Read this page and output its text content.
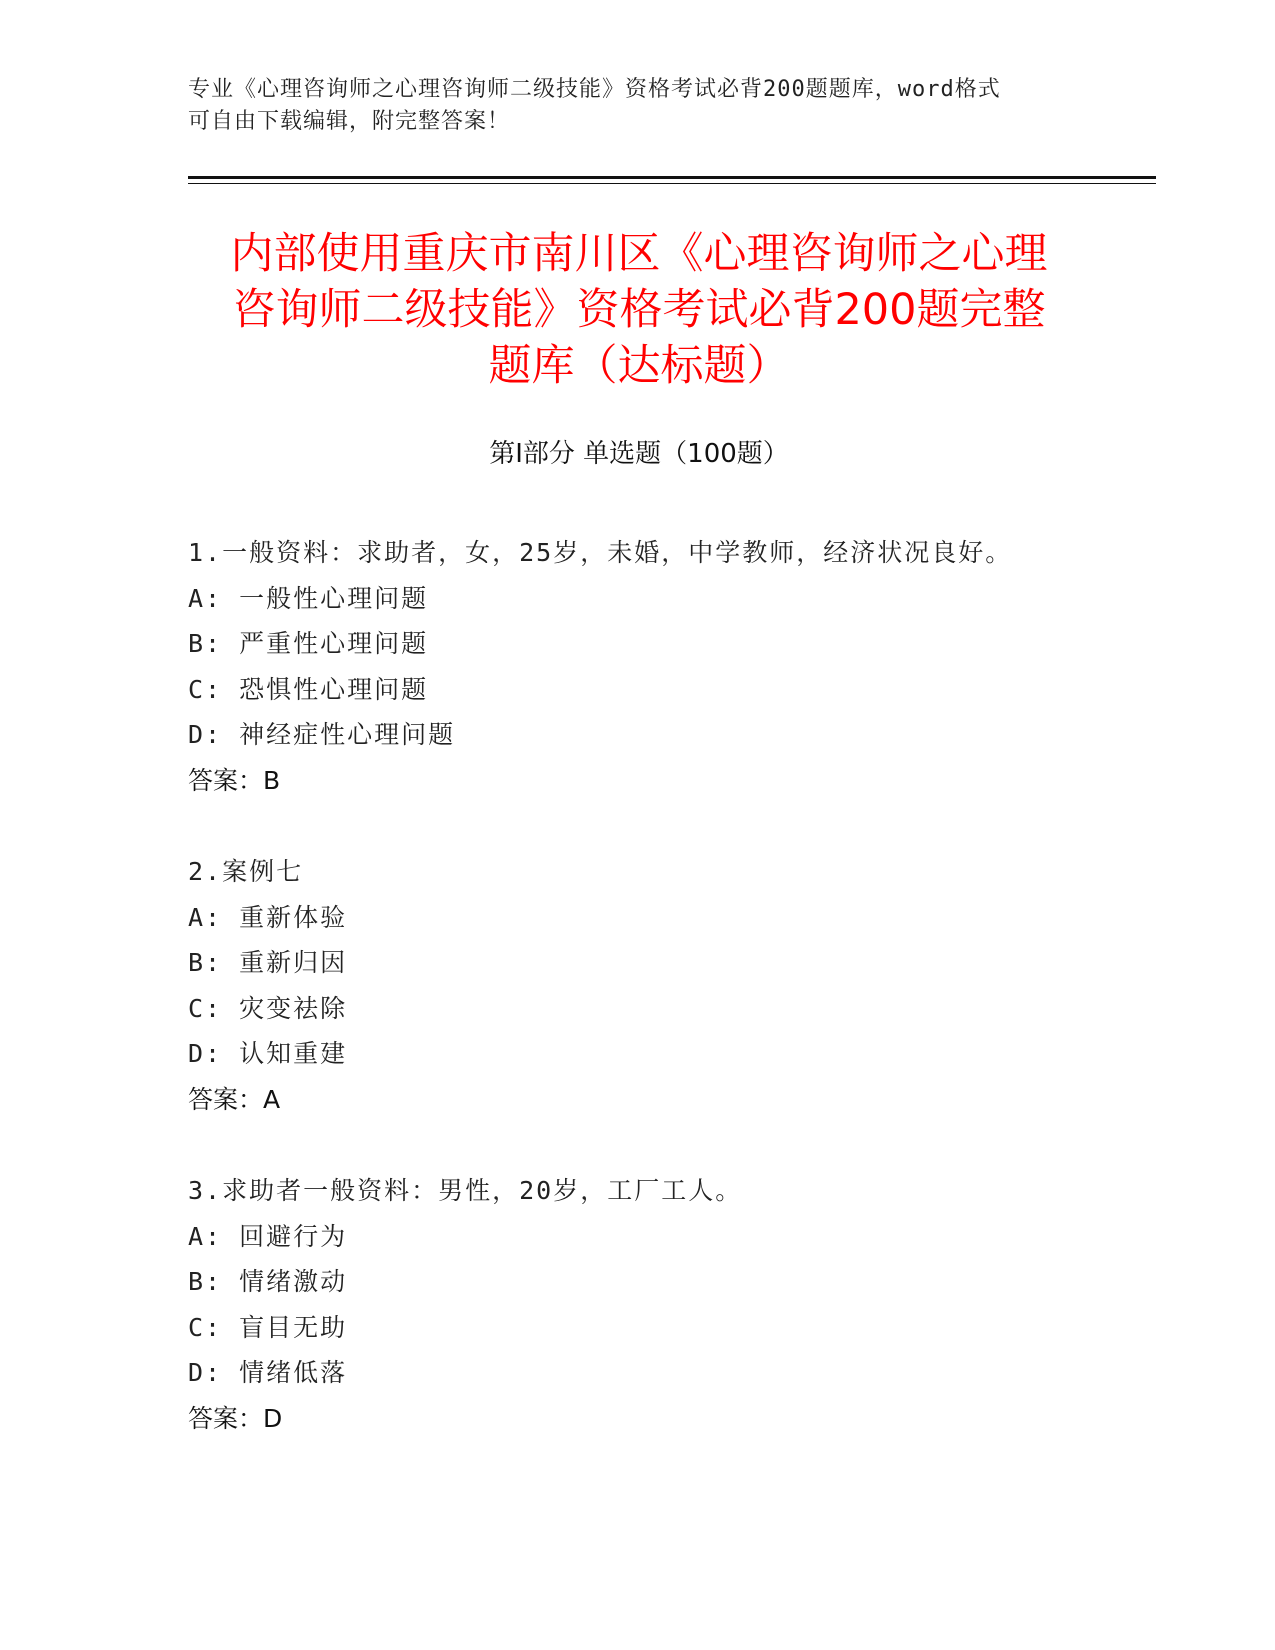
专业《心理咨询师之心理咨询师二级技能》资格考试必背200题题库，word格式
可自由下载编辑，附完整答案！
内部使用重庆市南川区《心理咨询师之心理
咨询师二级技能》资格考试必背200题完整
题库（达标题）
第Ⅰ部分 单选题（100题）
1.一般资料：求助者，女，25岁，未婚，中学教师，经济状况良好。
A: 一般性心理问题
B: 严重性心理问题
C: 恐惧性心理问题
D: 神经症性心理问题
答案：B
2.案例七
A: 重新体验
B: 重新归因
C: 灾变祛除
D: 认知重建
答案：A
3.求助者一般资料：男性，20岁，工厂工人。
A: 回避行为
B: 情绪激动
C: 盲目无助
D: 情绪低落
答案：D
